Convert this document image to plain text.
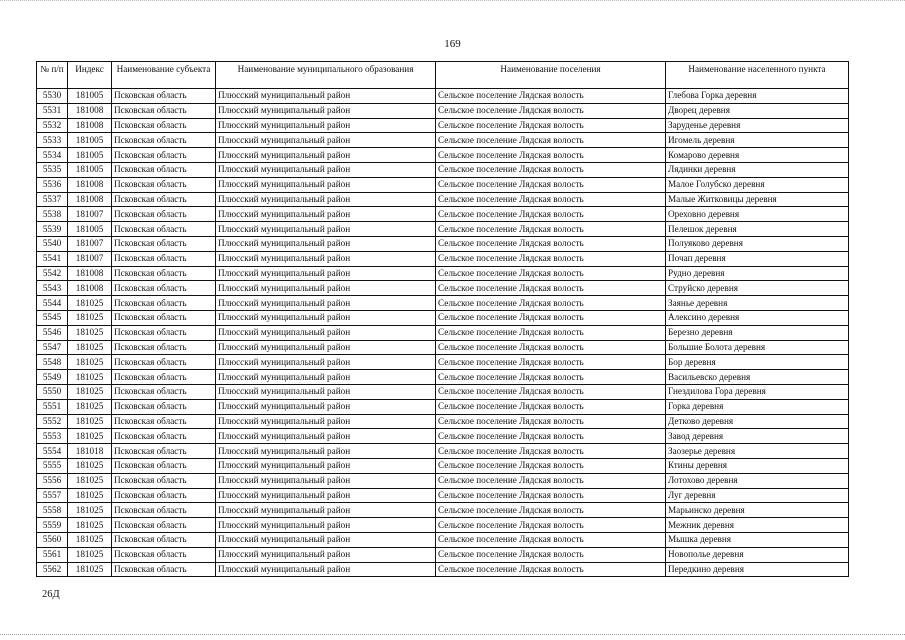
169
№ п/п	Индекс	Наименование субъекта	Наименование муниципального образования	Наименование поселения	Наименование населенного пункта
5530	181005	Псковская область	Плюсский муниципальный район	Сельское поселение Лядская волость	Глебова Горка деревня
5531	181008	Псковская область	Плюсский муниципальный район	Сельское поселение Лядская волость	Дворец деревня
5532	181008	Псковская область	Плюсский муниципальный район	Сельское поселение Лядская волость	Заруденье деревня
5533	181005	Псковская область	Плюсский муниципальный район	Сельское поселение Лядская волость	Игомель деревня
5534	181005	Псковская область	Плюсский муниципальный район	Сельское поселение Лядская волость	Комарово деревня
5535	181005	Псковская область	Плюсский муниципальный район	Сельское поселение Лядская волость	Лядинки деревня
5536	181008	Псковская область	Плюсский муниципальный район	Сельское поселение Лядская волость	Малое Голубско деревня
5537	181008	Псковская область	Плюсский муниципальный район	Сельское поселение Лядская волость	Малые Житковицы деревня
5538	181007	Псковская область	Плюсский муниципальный район	Сельское поселение Лядская волость	Ореховно деревня
5539	181005	Псковская область	Плюсский муниципальный район	Сельское поселение Лядская волость	Пелешок деревня
5540	181007	Псковская область	Плюсский муниципальный район	Сельское поселение Лядская волость	Полуяково деревня
5541	181007	Псковская область	Плюсский муниципальный район	Сельское поселение Лядская волость	Почап деревня
5542	181008	Псковская область	Плюсский муниципальный район	Сельское поселение Лядская волость	Рудно деревня
5543	181008	Псковская область	Плюсский муниципальный район	Сельское поселение Лядская волость	Струйско деревня
5544	181025	Псковская область	Плюсский муниципальный район	Сельское поселение Лядская волость	Заянье деревня
5545	181025	Псковская область	Плюсский муниципальный район	Сельское поселение Лядская волость	Алексино деревня
5546	181025	Псковская область	Плюсский муниципальный район	Сельское поселение Лядская волость	Березно деревня
5547	181025	Псковская область	Плюсский муниципальный район	Сельское поселение Лядская волость	Большие Болота деревня
5548	181025	Псковская область	Плюсский муниципальный район	Сельское поселение Лядская волость	Бор деревня
5549	181025	Псковская область	Плюсский муниципальный район	Сельское поселение Лядская волость	Васильевско деревня
5550	181025	Псковская область	Плюсский муниципальный район	Сельское поселение Лядская волость	Гнездилова Гора деревня
5551	181025	Псковская область	Плюсский муниципальный район	Сельское поселение Лядская волость	Горка деревня
5552	181025	Псковская область	Плюсский муниципальный район	Сельское поселение Лядская волость	Детково деревня
5553	181025	Псковская область	Плюсский муниципальный район	Сельское поселение Лядская волость	Завод деревня
5554	181018	Псковская область	Плюсский муниципальный район	Сельское поселение Лядская волость	Заозерье деревня
5555	181025	Псковская область	Плюсский муниципальный район	Сельское поселение Лядская волость	Ктины деревня
5556	181025	Псковская область	Плюсский муниципальный район	Сельское поселение Лядская волость	Лотохово деревня
5557	181025	Псковская область	Плюсский муниципальный район	Сельское поселение Лядская волость	Луг деревня
5558	181025	Псковская область	Плюсский муниципальный район	Сельское поселение Лядская волость	Марьинско деревня
5559	181025	Псковская область	Плюсский муниципальный район	Сельское поселение Лядская волость	Межник деревня
5560	181025	Псковская область	Плюсский муниципальный район	Сельское поселение Лядская волость	Мышка деревня
5561	181025	Псковская область	Плюсский муниципальный район	Сельское поселение Лядская волость	Новополье деревня
5562	181025	Псковская область	Плюсский муниципальный район	Сельское поселение Лядская волость	Передкино деревня
26Д
